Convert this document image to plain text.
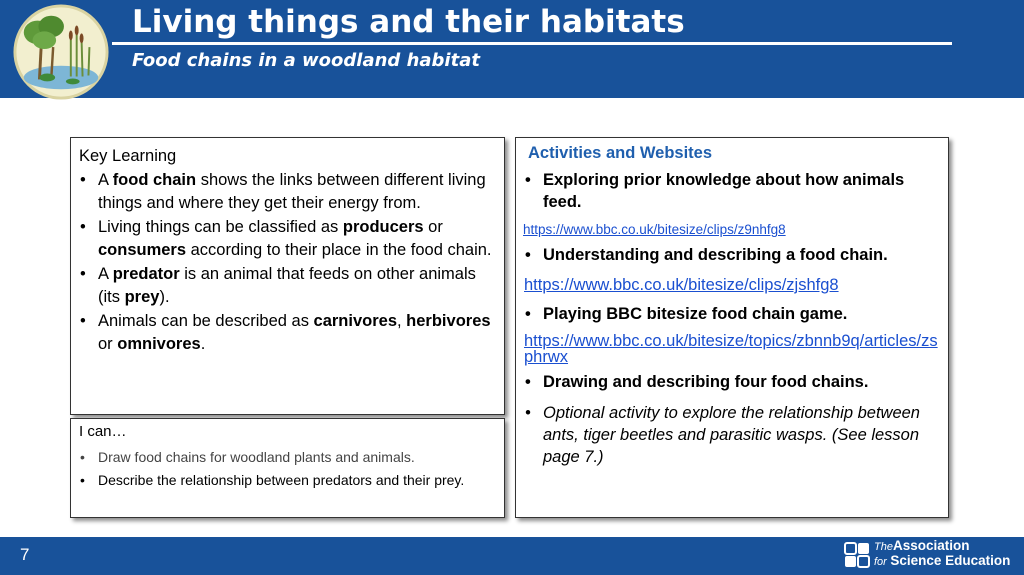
Living things and their habitats
Food chains in a woodland habitat
Key Learning
• A food chain shows the links between different living things and where they get their energy from.
• Living things can be classified as producers or consumers according to their place in the food chain.
• A predator is an animal that feeds on other animals (its prey).
• Animals can be described as carnivores, herbivores or omnivores.
I can…
• Draw food chains for woodland plants and animals.
• Describe the relationship between predators and their prey.
Activities and Websites
• Exploring prior knowledge about how animals feed.
https://www.bbc.co.uk/bitesize/clips/z9nhfg8
• Understanding and describing a food chain.
https://www.bbc.co.uk/bitesize/clips/zjshfg8
• Playing BBC bitesize food chain game.
https://www.bbc.co.uk/bitesize/topics/zbnnb9q/articles/zsphrwx
• Drawing and describing four food chains.
• Optional activity to explore the relationship between ants, tiger beetles and parasitic wasps. (See lesson page 7.)
7	TheAssociation
for Science Education
